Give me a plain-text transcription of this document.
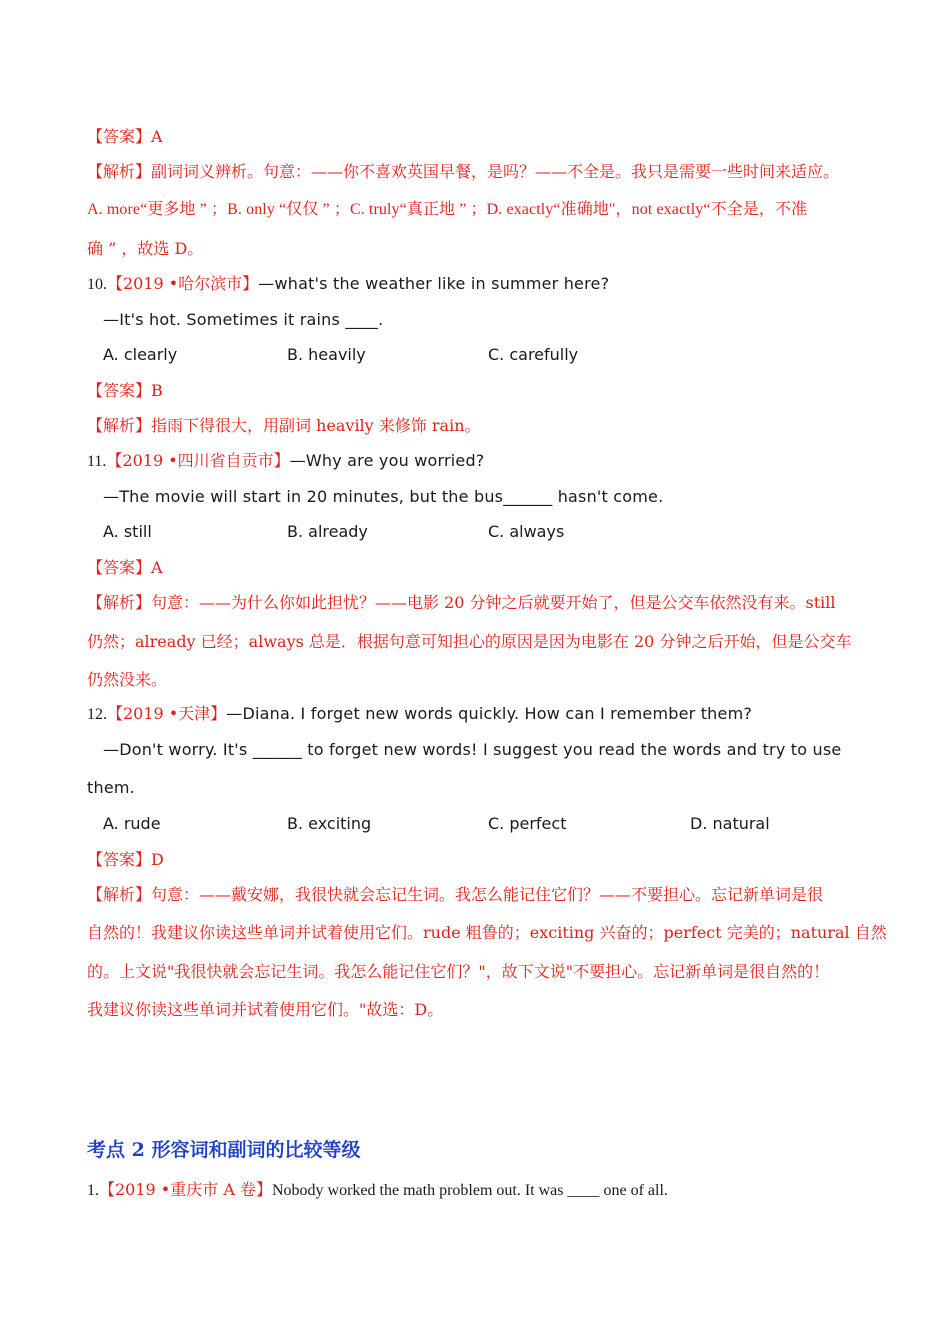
【答案】A
【解析】副词词义辨析。句意：——你不喜欢英国早餐，是吗？——不全是。我只是需要一些时间来适应。
A. more“更多地 ” ；B. only “仅仅 ” ；C. truly“真正地 ” ；D. exactly“准确地"，not exactly“不全是，不准
确 ” ，故选 D。
10.【2019 •哈尔滨市】—what's the weather like in summer here?
—It's hot. Sometimes it rains ____.
A. clearly	B. heavily	C. carefully
【答案】B
【解析】指雨下得很大，用副词 heavily 来修饰 rain。
11.【2019 •四川省自贡市】—Why are you worried?
—The movie will start in 20 minutes, but the bus______ hasn't come.
A. still	B. already	C. always
【答案】A
【解析】句意：——为什么你如此担忧？——电影 20 分钟之后就要开始了，但是公交车依然没有来。still
仍然；already 已经；always 总是．根据句意可知担心的原因是因为电影在 20 分钟之后开始，但是公交车
仍然没来。
12.【2019 •天津】—Diana. I forget new words quickly. How can I remember them?
—Don't worry. It's ______ to forget new words! I suggest you read the words and try to use
them.
A. rude	B. exciting	C. perfect	D. natural
【答案】D
【解析】句意：——戴安娜，我很快就会忘记生词。我怎么能记住它们？——不要担心。忘记新单词是很
自然的！我建议你读这些单词并试着使用它们。rude 粗鲁的；exciting 兴奋的；perfect 完美的；natural 自然
的。上文说"我很快就会忘记生词。我怎么能记住它们？"，故下文说"不要担心。忘记新单词是很自然的！
我建议你读这些单词并试着使用它们。"故选：D。
考点 2 形容词和副词的比较等级
1.【2019 •重庆市 A 卷】Nobody worked the math problem out. It was ____ one of all.
